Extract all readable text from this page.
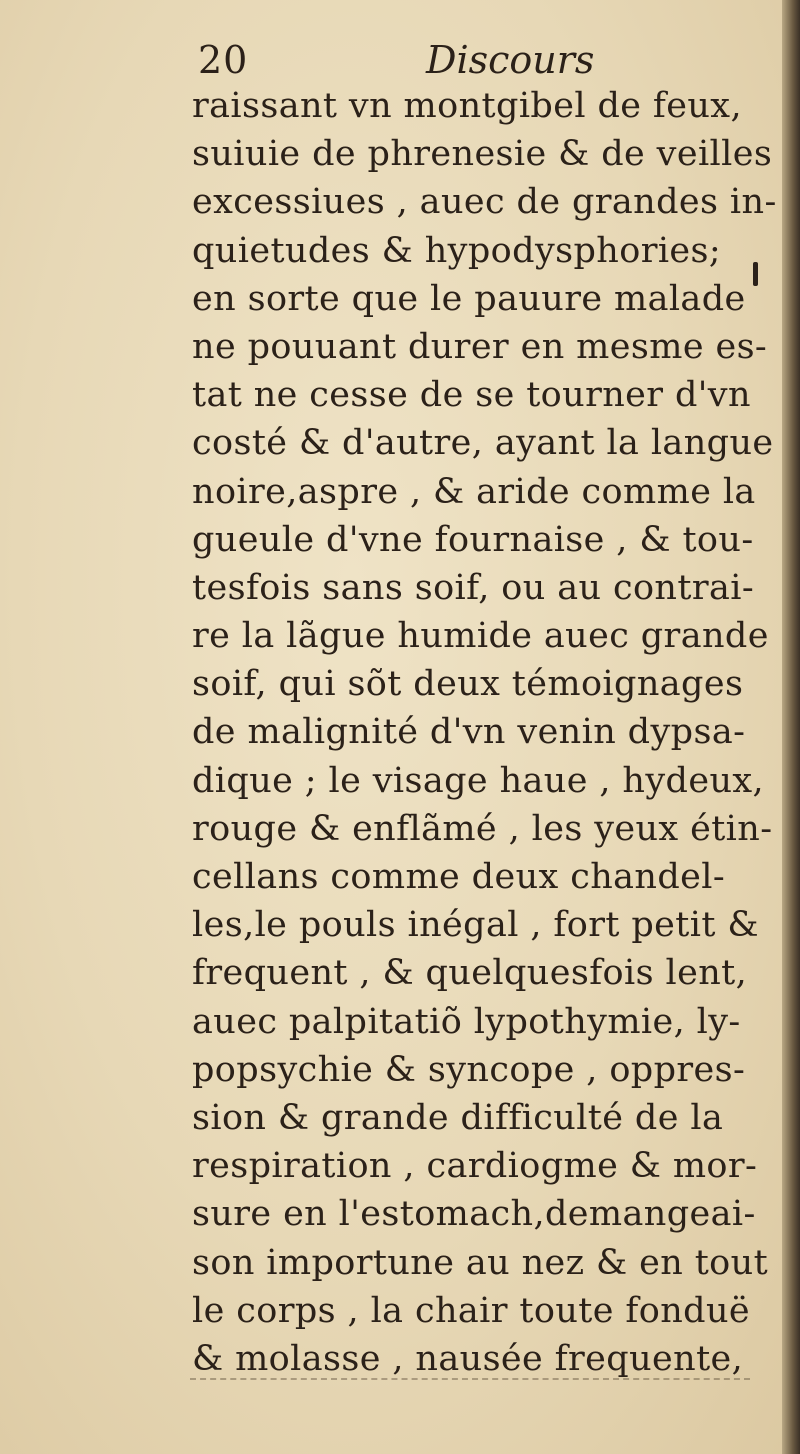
20	Discours
raissant vn montgibel de feux,
suiuie de phrenesie & de veilles
excessiues , auec de grandes in-
quietudes & hypodysphories;
en sorte que le pauure malade
ne pouuant durer en mesme es-
tat ne cesse de se tourner d'vn
costé & d'autre, ayant la langue
noire,aspre , & aride comme la
gueule d'vne fournaise , & tou-
tesfois sans soif, ou au contrai-
re la lãgue humide auec grande
soif, qui sõt deux témoignages
de malignité d'vn venin dypsa-
dique ; le visage haue , hydeux,
rouge & enflãmé , les yeux étin-
cellans comme deux chandel-
les,le pouls inégal , fort petit &
frequent , & quelquesfois lent,
auec palpitatiõ lypothymie, ly-
popsychie & syncope , oppres-
sion & grande difficulté de la
respiration , cardiogme & mor-
sure en l'estomach,demangeai-
son importune au nez & en tout
le corps , la chair toute fonduë
& molasse , nausée frequente,
